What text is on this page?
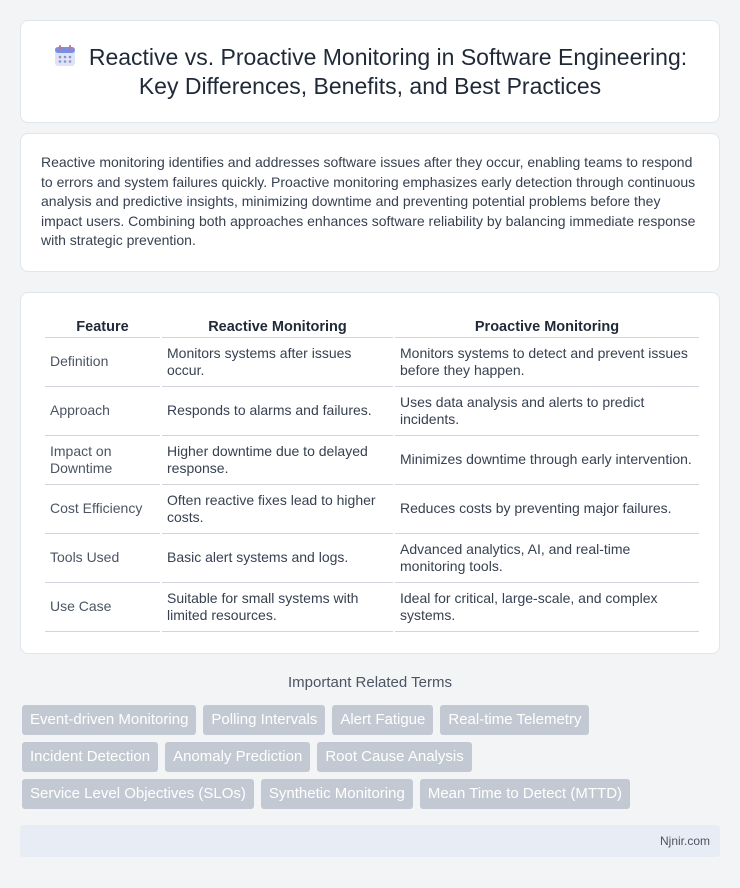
Reactive vs. Proactive Monitoring in Software Engineering: Key Differences, Benefits, and Best Practices

Reactive monitoring identifies and addresses software issues after they occur, enabling teams to respond to errors and system failures quickly. Proactive monitoring emphasizes early detection through continuous analysis and predictive insights, minimizing downtime and preventing potential problems before they impact users. Combining both approaches enhances software reliability by balancing immediate response with strategic prevention.

Feature	Reactive Monitoring	Proactive Monitoring
Definition	Monitors systems after issues occur.	Monitors systems to detect and prevent issues before they happen.
Approach	Responds to alarms and failures.	Uses data analysis and alerts to predict incidents.
Impact on Downtime	Higher downtime due to delayed response.	Minimizes downtime through early intervention.
Cost Efficiency	Often reactive fixes lead to higher costs.	Reduces costs by preventing major failures.
Tools Used	Basic alert systems and logs.	Advanced analytics, AI, and real-time monitoring tools.
Use Case	Suitable for small systems with limited resources.	Ideal for critical, large-scale, and complex systems.
Important Related Terms
Event-driven Monitoring	Polling Intervals	Alert Fatigue	Real-time Telemetry
Incident Detection	Anomaly Prediction	Root Cause Analysis
Service Level Objectives (SLOs)	Synthetic Monitoring	Mean Time to Detect (MTTD)
Njnir.com
